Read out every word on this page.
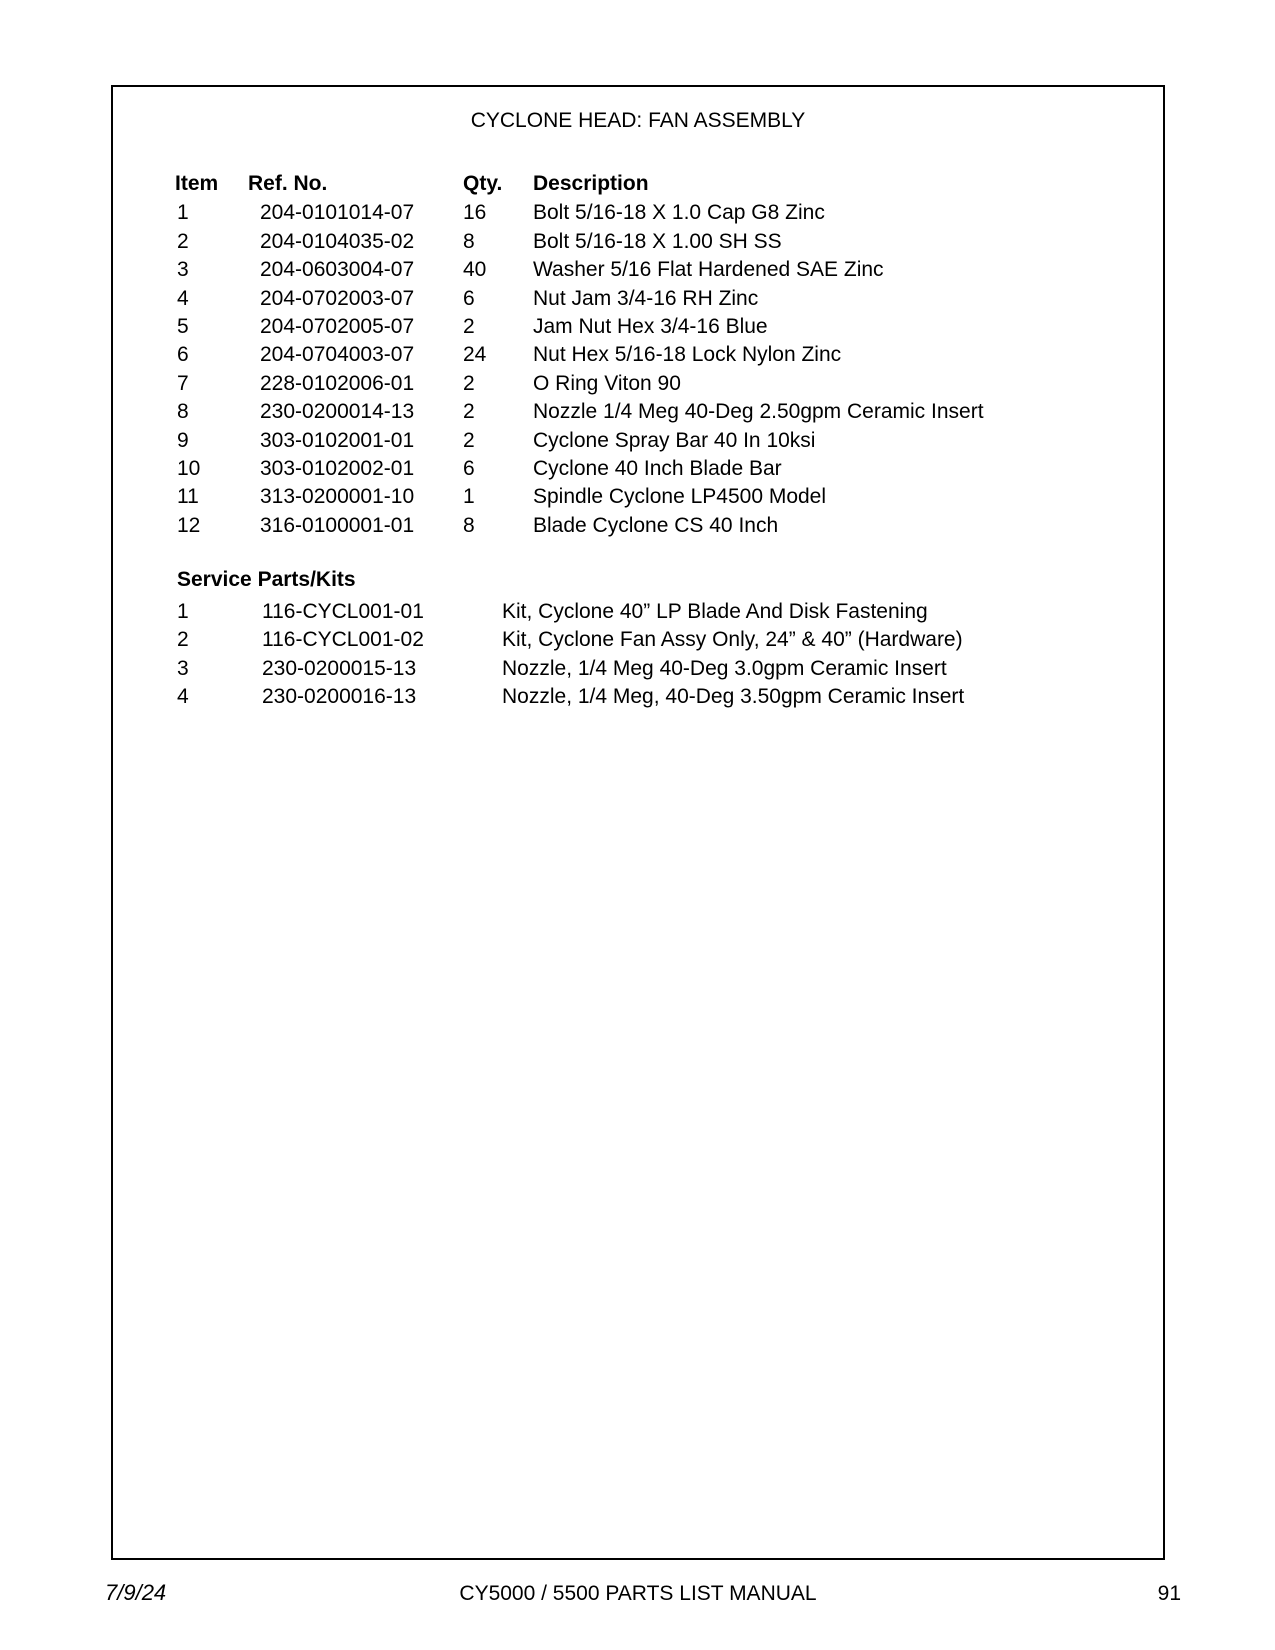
CYCLONE HEAD: FAN ASSEMBLY
Item	Ref. No.	Qty.	Description
1	204-0101014-07	16	Bolt 5/16-18 X 1.0 Cap G8 Zinc
2	204-0104035-02	8	Bolt 5/16-18 X 1.00 SH SS
3	204-0603004-07	40	Washer 5/16 Flat Hardened SAE Zinc
4	204-0702003-07	6	Nut Jam 3/4-16 RH Zinc
5	204-0702005-07	2	Jam Nut Hex 3/4-16 Blue
6	204-0704003-07	24	Nut Hex 5/16-18 Lock Nylon Zinc
7	228-0102006-01	2	O Ring Viton 90
8	230-0200014-13	2	Nozzle 1/4 Meg 40-Deg 2.50gpm Ceramic Insert
9	303-0102001-01	2	Cyclone Spray Bar 40 In 10ksi
10	303-0102002-01	6	Cyclone 40 Inch Blade Bar
11	313-0200001-10	1	Spindle Cyclone LP4500 Model
12	316-0100001-01	8	Blade Cyclone CS 40 Inch
Service Parts/Kits
1	116-CYCL001-01	Kit, Cyclone 40” LP Blade And Disk Fastening
2	116-CYCL001-02	Kit, Cyclone Fan Assy Only, 24” & 40” (Hardware)
3	230-0200015-13	Nozzle, 1/4 Meg 40-Deg 3.0gpm Ceramic Insert
4	230-0200016-13	Nozzle, 1/4 Meg, 40-Deg 3.50gpm Ceramic Insert
7/9/24	CY5000 / 5500 PARTS LIST MANUAL	91
